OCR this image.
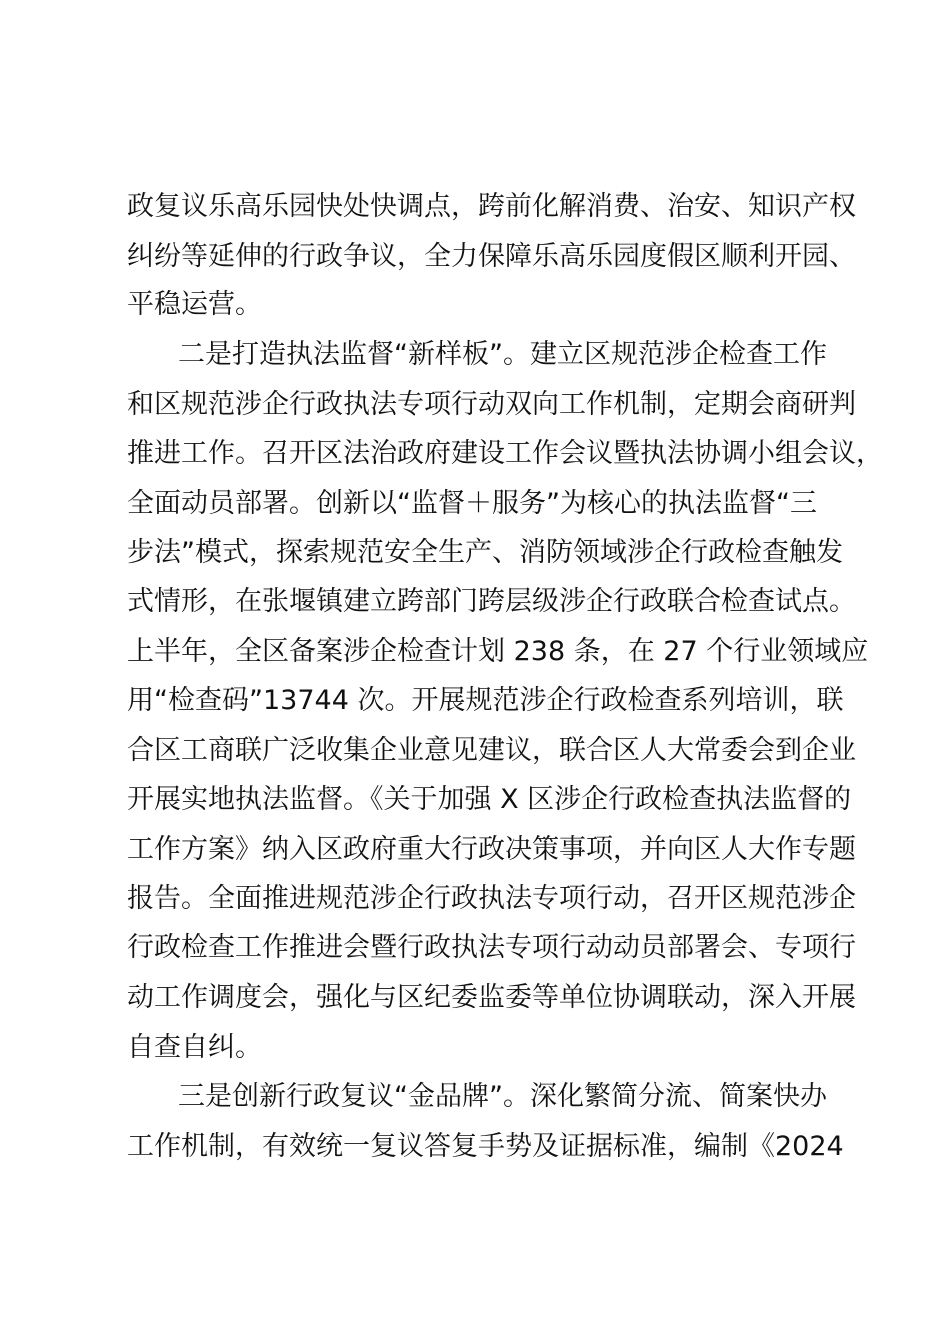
政复议乐高乐园快处快调点，跨前化解消费、治安、知识产权
纠纷等延伸的行政争议，全力保障乐高乐园度假区顺利开园、
平稳运营。
二是打造执法监督“新样板”。建立区规范涉企检查工作
和区规范涉企行政执法专项行动双向工作机制，定期会商研判
推进工作。召开区法治政府建设工作会议暨执法协调小组会议，
全面动员部署。创新以“监督＋服务”为核心的执法监督“三
步法”模式，探索规范安全生产、消防领域涉企行政检查触发
式情形，在张堰镇建立跨部门跨层级涉企行政联合检查试点。
上半年，全区备案涉企检查计划 238 条，在 27 个行业领域应
用“检查码”13744 次。开展规范涉企行政检查系列培训，联
合区工商联广泛收集企业意见建议，联合区人大常委会到企业
开展实地执法监督。《关于加强 X 区涉企行政检查执法监督的
工作方案》纳入区政府重大行政决策事项，并向区人大作专题
报告。全面推进规范涉企行政执法专项行动，召开区规范涉企
行政检查工作推进会暨行政执法专项行动动员部署会、专项行
动工作调度会，强化与区纪委监委等单位协调联动，深入开展
自查自纠。
三是创新行政复议“金品牌”。深化繁简分流、简案快办
工作机制，有效统一复议答复手势及证据标准，编制《2024
